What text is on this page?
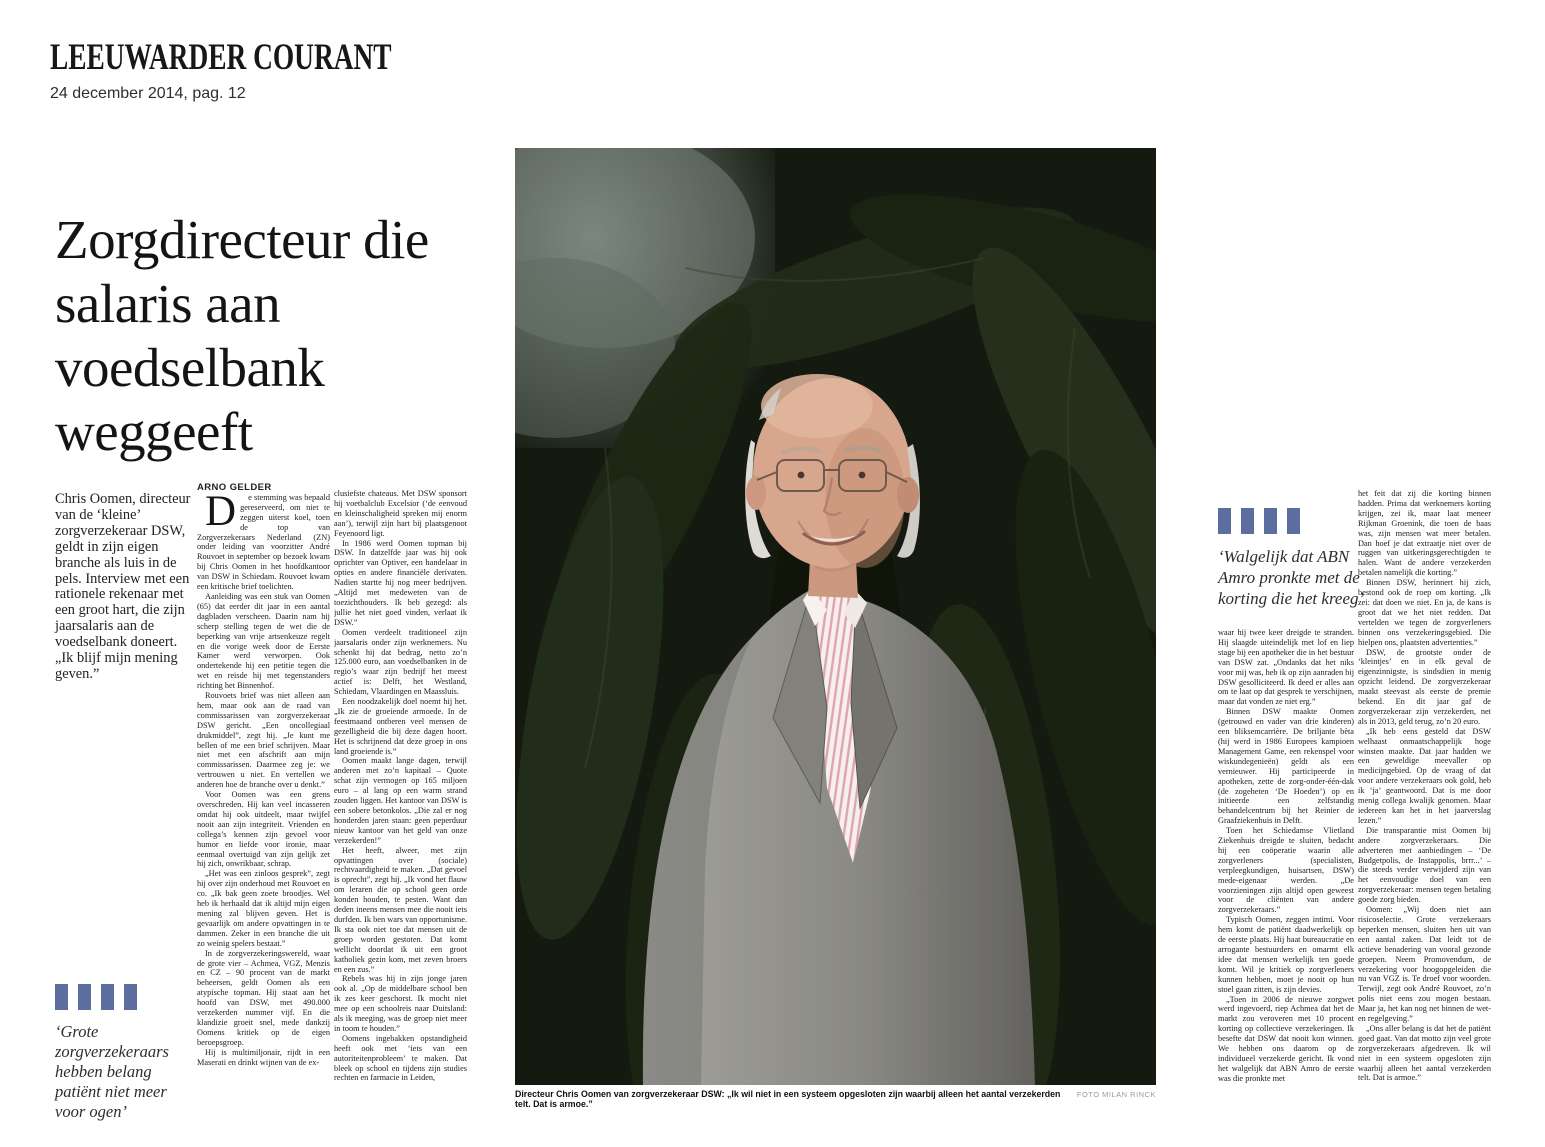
LEEUWARDER COURANT
24 december 2014, pag. 12
Zorgdirecteur die salaris aan voedselbank weggeeft
Chris Oomen, directeur van de ‘kleine’ zorgverzekeraar DSW, geldt in zijn eigen branche als luis in de pels. Interview met een rationele rekenaar met een groot hart, die zijn jaarsalaris aan de voedselbank doneert. „Ik blijf mijn mening geven.”
‘Grote zorgverzekeraars hebben belang patiënt niet meer voor ogen’

ARNO GELDER

D	e stemming was bepaald gereserveerd, om niet te zeggen uiterst koel, toen de top van Zorgverzekeraars Nederland (ZN) onder leiding van voorzitter André Rouvoet in september op bezoek kwam bij Chris Oomen in het hoofdkantoor van DSW in Schiedam. Rouvoet kwam een kritische brief toelichten.

Aanleiding was een stuk van Oomen (65) dat eerder dit jaar in een aantal dagbladen verscheen. Daarin nam hij scherp stelling tegen de wet die de beperking van vrije artsenkeuze regelt en die vorige week door de Eerste Kamer werd verworpen. Ook ondertekende hij een petitie tegen die wet en reisde hij met tegenstanders richting het Binnenhof.

Rouvoets brief was niet alleen aan hem, maar ook aan de raad van commissarissen van zorgverzekeraar DSW gericht. „Een oncollegiaal drukmiddel”, zegt hij. „Je kunt me bellen of me een brief schrijven. Maar niet met een afschrift aan mijn commissarissen. Daarmee zeg je: we vertrouwen u niet. En vertellen we anderen hoe de branche over u denkt.”

Voor Oomen was een grens overschreden. Hij kan veel incasseren omdat hij ook uitdeelt, maar twijfel nooit aan zijn integriteit. Vrienden en collega’s kennen zijn gevoel voor humor en liefde voor ironie, maar eenmaal overtuigd van zijn gelijk zet hij zich, onwrikbaar, schrap.

„Het was een zinloos gesprek”, zegt hij over zijn onderhoud met Rouvoet en co. „Ik bak geen zoete broodjes. Wel heb ik herhaald dat ik altijd mijn eigen mening zal blijven geven. Het is gevaarlijk om andere opvattingen in te dammen. Zeker in een branche die uit zo weinig spelers bestaat.”

In de zorgverzekeringswereld, waar de grote vier – Achmea, VGZ, Menzis en CZ – 90 procent van de markt beheersen, geldt Oomen als een atypische topman. Hij staat aan het hoofd van DSW, met 490.000 verzekerden nummer vijf. En die klandizie groeit snel, mede dankzij Oomens kritiek op de eigen beroepsgroep.

Hij is multimiljonair, rijdt in een Maserati en drinkt wijnen van de ex-

clusiefste chateaus. Met DSW sponsort hij voetbalclub Excelsior (‘de eenvoud en kleinschaligheid spreken mij enorm aan’), terwijl zijn hart bij plaatsgenoot Feyenoord ligt.

In 1986 werd Oomen topman bij DSW. In datzelfde jaar was hij ook oprichter van Optiver, een handelaar in opties en andere financiële derivaten. Nadien startte hij nog meer bedrijven. „Altijd met medeweten van de toezichthouders. Ik heb gezegd: als jullie het niet goed vinden, verlaat ik DSW.”

Oomen verdeelt traditioneel zijn jaarsalaris onder zijn werknemers. Nu schenkt hij dat bedrag, netto zo’n 125.000 euro, aan voedselbanken in de regio’s waar zijn bedrijf het meest actief is: Delft, het Westland, Schiedam, Vlaardingen en Maassluis.

Een noodzakelijk doel noemt hij het. „Ik zie de groeiende armoede. In de feestmaand ontberen veel mensen de gezelligheid die bij deze dagen hoort. Het is schrijnend dat deze groep in ons land groeiende is.”

Oomen maakt lange dagen, terwijl anderen met zo’n kapitaal – Quote schat zijn vermogen op 165 miljoen euro – al lang op een warm strand zouden liggen. Het kantoor van DSW is een sobere betonkolos. „Die zal er nog honderden jaren staan: geen peperduur nieuw kantoor van het geld van onze verzekerden!”

Het heeft, alweer, met zijn opvattingen over (sociale) rechtvaardigheid te maken. „Dat gevoel is oprecht”, zegt hij. „Ik vond het flauw om leraren die op school geen orde konden houden, te pesten. Want dan deden ineens mensen mee die nooit iets durfden. Ik ben wars van opportunisme. Ik sta ook niet toe dat mensen uit de groep worden gestoten. Dat komt wellicht doordat ik uit een groot katholiek gezin kom, met zeven broers en een zus.”

Rebels was hij in zijn jonge jaren ook al. „Op de middelbare school ben ik zes keer geschorst. Ik mocht niet mee op een schoolreis naar Duitsland: als ik meeging, was de groep niet meer in toom te houden.”

Oomens ingebakken opstandigheid heeft ook met ‘iets van een autoriteitenprobleem’ te maken. Dat bleek op school en tijdens zijn studies rechten en farmacie in Leiden,

Directeur Chris Oomen van zorgverzekeraar DSW: „Ik wil niet in een systeem opgesloten zijn waarbij alleen het aantal verzekerden telt. Dat is armoe.”
FOTO MILAN RINCK
‘Walgelijk dat ABN Amro pronkte met de korting die het kreeg’

waar hij twee keer dreigde te stranden. Hij slaagde uiteindelijk met lof en liep stage bij een apotheker die in het bestuur van DSW zat. „Ondanks dat het niks voor mij was, heb ik op zijn aanraden bij DSW gesolliciteerd. Ik deed er alles aan om te laat op dat gesprek te verschijnen, maar dat vonden ze niet erg.”

Binnen DSW maakte Oomen (getrouwd en vader van drie kinderen) een bliksemcarrière. De briljante bèta (hij werd in 1986 Europees kampioen Management Game, een rekenspel voor wiskundegenieën) geldt als een vernieuwer. Hij participeerde in apotheken, zette de zorg-onder-één-dak (de zogeheten ‘De Hoeden’) op en initieerde een zelfstandig behandelcentrum bij het Reinier de Graafziekenhuis in Delft.

Toen het Schiedamse Vlietland Ziekenhuis dreigde te sluiten, bedacht hij een coöperatie waarin alle zorgverleners (specialisten, verpleegkundigen, huisartsen, DSW) mede-eigenaar werden. „De voorzieningen zijn altijd open geweest voor de cliënten van andere zorgverzekeraars.”

Typisch Oomen, zeggen intimi. Voor hem komt de patiënt daadwerkelijk op de eerste plaats. Hij haat bureaucratie en arrogante bestuurders en omarmt elk idee dat mensen werkelijk ten goede komt. Wil je kritiek op zorgverleners kunnen hebben, moet je nooit op hun stoel gaan zitten, is zijn devies.

„Toen in 2006 de nieuwe zorgwet werd ingevoerd, riep Achmea dat het de markt zou veroveren met 10 procent korting op collectieve verzekeringen. Ik besefte dat DSW dat nooit kon winnen. We hebben ons daarom op de individueel verzekerde gericht. Ik vond het walgelijk dat ABN Amro de eerste was die pronkte met

het feit dat zij die korting binnen hadden. Prima dat werknemers korting krijgen, zei ik, maar laat meneer Rijkman Groenink, die toen de baas was, zijn mensen wat meer betalen. Dan hoef je dat extraatje niet over de ruggen van uitkeringsgerechtigden te halen. Want de andere verzekerden betalen namelijk die korting.”

Binnen DSW, herinnert hij zich, bestond ook de roep om korting. „Ik zei: dat doen we niet. En ja, de kans is groot dat we het niet redden. Dat vertelden we tegen de zorgverleners binnen ons verzekeringsgebied. Die hielpen ons, plaatsten advertenties.”

DSW, de grootste onder de ‘kleintjes’ en in elk geval de eigenzinnigste, is sindsdien in menig opzicht leidend. De zorgverzekeraar maakt steevast als eerste de premie bekend. En dit jaar gaf de zorgverzekeraar zijn verzekerden, net als in 2013, geld terug, zo’n 20 euro.

„Ik heb eens gesteld dat DSW welhaast onmaatschappelijk hoge winsten maakte. Dat jaar hadden we een geweldige meevaller op medicijngebied. Op de vraag of dat voor andere verzekeraars ook gold, heb ik ‘ja’ geantwoord. Dat is me door menig collega kwalijk genomen. Maar iedereen kan het in het jaarverslag lezen.”

Die transparantie mist Oomen bij andere zorgverzekeraars. Die adverteren met aanbiedingen – ‘De Budgetpolis, de Instappolis, brrr...’ – die steeds verder verwijderd zijn van het eenvoudige doel van een zorgverzekeraar: mensen tegen betaling goede zorg bieden.

Oomen: „Wij doen niet aan risicoselectie. Grote verzekeraars beperken mensen, sluiten hen uit van een aantal zaken. Dat leidt tot de actieve benadering van vooral gezonde groepen. Neem Promovendum, de verzekering voor hoogopgeleiden die nu van VGZ is. Te droef voor woorden. Terwijl, zegt ook André Rouvoet, zo’n polis niet eens zou mogen bestaan. Maar ja, het kan nog net binnen de wet- en regelgeving.”

„Ons aller belang is dat het de patiënt goed gaat. Van dat motto zijn veel grote zorgverzekeraars afgedreven. Ik wil niet in een systeem opgesloten zijn waarbij alleen het aantal verzekerden telt. Dat is armoe.”
